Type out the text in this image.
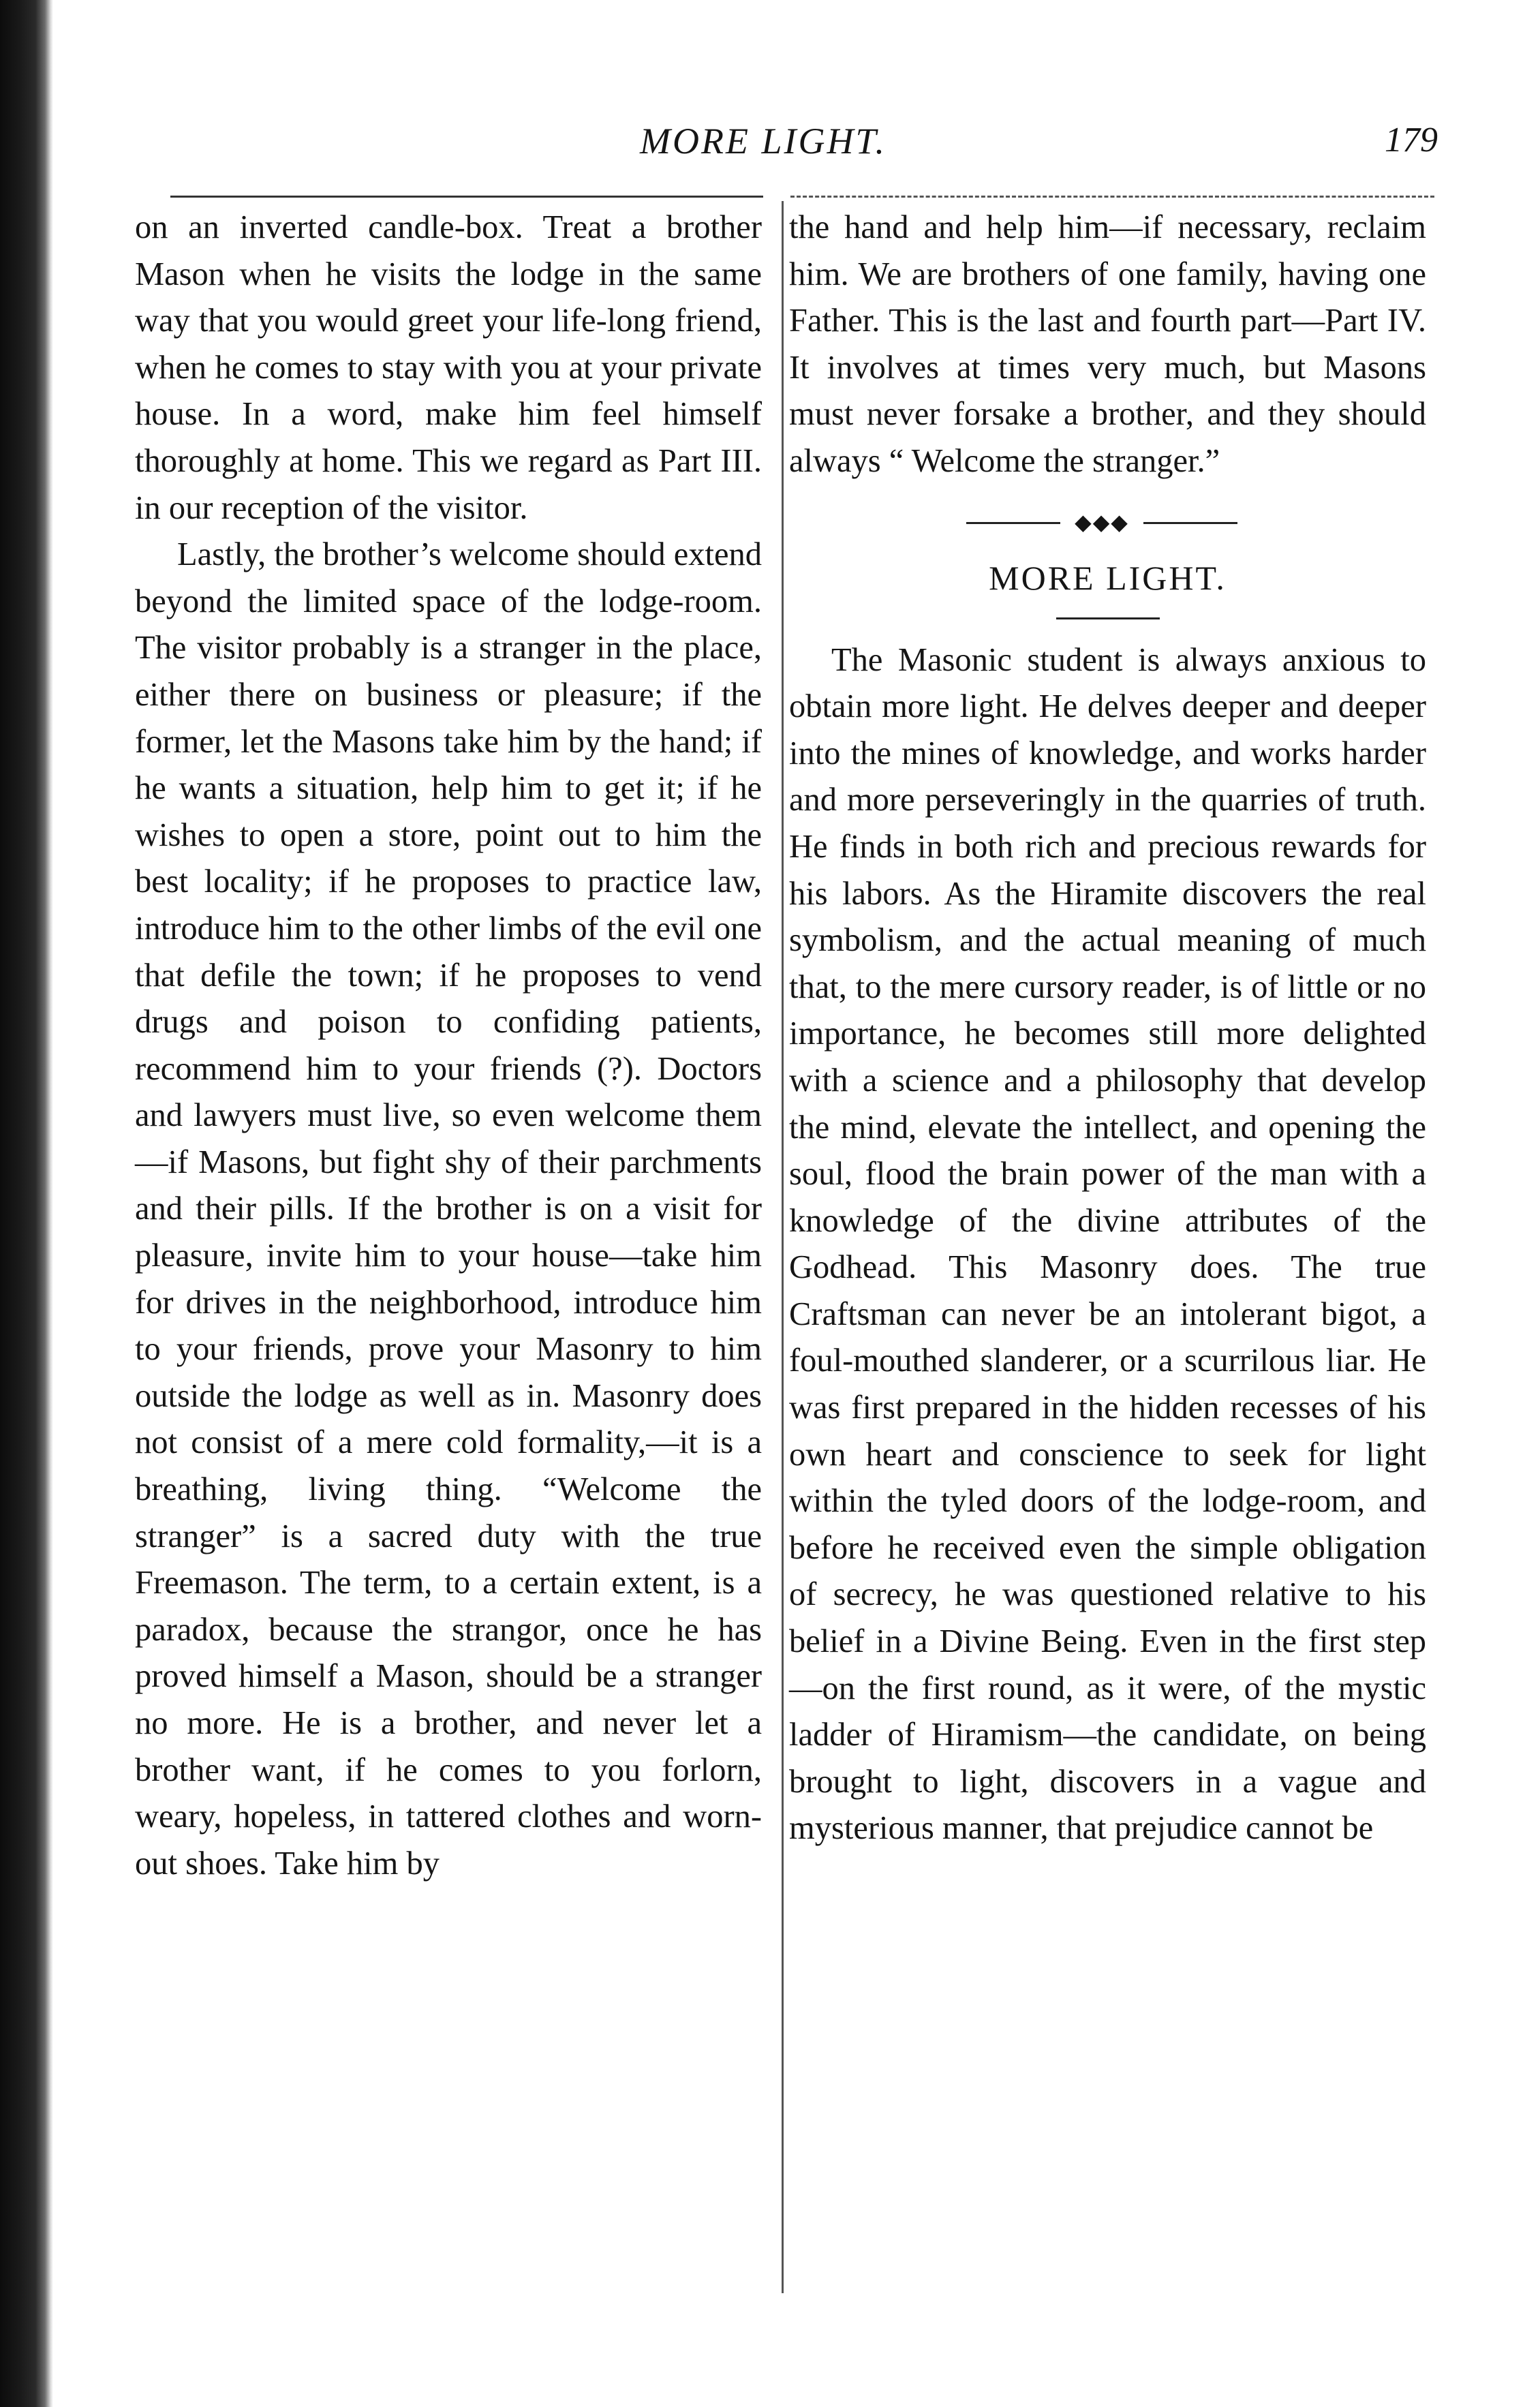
MORE LIGHT.	179

on an inverted candle-box. Treat a brother Mason when he visits the lodge in the same way that you would greet your life-long friend, when he comes to stay with you at your private house. In a word, make him feel himself thoroughly at home. This we regard as Part III. in our reception of the visitor.

Lastly, the brother’s welcome should extend beyond the limited space of the lodge-room. The visitor probably is a stranger in the place, either there on business or pleasure; if the former, let the Masons take him by the hand; if he wants a situation, help him to get it; if he wishes to open a store, point out to him the best locality; if he proposes to practice law, introduce him to the other limbs of the evil one that defile the town; if he proposes to vend drugs and poison to confiding patients, recommend him to your friends (?). Doctors and lawyers must live, so even welcome them—if Masons, but fight shy of their parchments and their pills. If the brother is on a visit for pleasure, invite him to your house—take him for drives in the neighborhood, introduce him to your friends, prove your Masonry to him outside the lodge as well as in. Masonry does not consist of a mere cold formality,—it is a breathing, living thing. “Welcome the stranger” is a sacred duty with the true Freemason. The term, to a certain extent, is a paradox, because the strangor, once he has proved himself a Mason, should be a stranger no more. He is a brother, and never let a brother want, if he comes to you forlorn, weary, hopeless, in tattered clothes and worn-out shoes. Take him by

the hand and help him—if necessary, reclaim him. We are brothers of one family, having one Father. This is the last and fourth part—Part IV. It involves at times very much, but Masons must never forsake a brother, and they should always “ Welcome the stranger.”

◆◆◆
MORE LIGHT.

The Masonic student is always anxious to obtain more light. He delves deeper and deeper into the mines of knowledge, and works harder and more perseveringly in the quarries of truth. He finds in both rich and precious rewards for his labors. As the Hiramite discovers the real symbolism, and the actual meaning of much that, to the mere cursory reader, is of little or no importance, he becomes still more delighted with a science and a philosophy that develop the mind, elevate the intellect, and opening the soul, flood the brain power of the man with a knowledge of the divine attributes of the Godhead. This Masonry does. The true Craftsman can never be an intolerant bigot, a foul-mouthed slanderer, or a scurrilous liar. He was first prepared in the hidden recesses of his own heart and conscience to seek for light within the tyled doors of the lodge-room, and before he received even the simple obligation of secrecy, he was questioned relative to his belief in a Divine Being. Even in the first step —on the first round, as it were, of the mystic ladder of Hiramism—the candidate, on being brought to light, discovers in a vague and mysterious manner, that prejudice cannot be
